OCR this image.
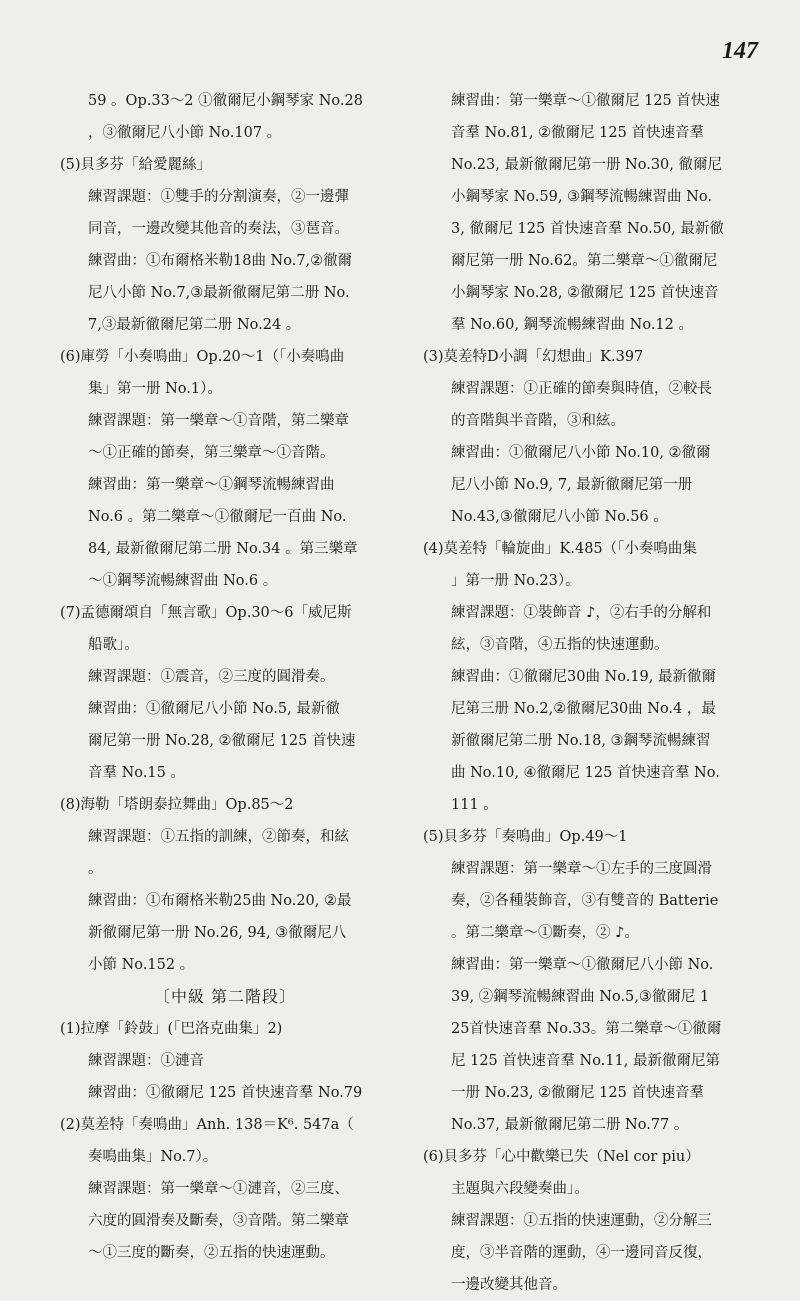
147
59 。Op.33～2 ①徹爾尼小鋼琴家 No.28
，③徹爾尼八小節 No.107 。
(5)貝多芬「給愛麗絲」
練習課題：①雙手的分割演奏，②一邊彈
同音，一邊改變其他音的奏法，③琶音。
練習曲：①布爾格米勒18曲 No.7,②徹爾
尼八小節 No.7,③最新徹爾尼第二册 No.
7,③最新徹爾尼第二册 No.24 。
(6)庫勞「小奏鳴曲」Op.20～1（「小奏鳴曲
集」第一册 No.1）。
練習課題：第一樂章～①音階，第二樂章
～①正確的節奏，第三樂章～①音階。
練習曲：第一樂章～①鋼琴流暢練習曲
No.6 。第二樂章～①徹爾尼一百曲 No.
84, 最新徹爾尼第二册 No.34 。第三樂章
～①鋼琴流暢練習曲 No.6 。
(7)孟德爾頌自「無言歌」Op.30～6「威尼斯
船歌」。
練習課題：①震音，②三度的圓滑奏。
練習曲：①徹爾尼八小節 No.5, 最新徹
爾尼第一册 No.28, ②徹爾尼 125 首快速
音羣 No.15 。
(8)海勒「塔朗泰拉舞曲」Op.85～2
練習課題：①五指的訓練，②節奏，和絃
。
練習曲：①布爾格米勒25曲 No.20, ②最
新徹爾尼第一册 No.26, 94, ③徹爾尼八
小節 No.152 。
〔中級 第二階段〕
(1)拉摩「鈴鼓」(「巴洛克曲集」2)
練習課題：①漣音
練習曲：①徹爾尼 125 首快速音羣 No.79
(2)莫差特「奏鳴曲」Anh. 138＝K⁶. 547a（
奏鳴曲集」No.7）。
練習課題：第一樂章～①漣音，②三度、
六度的圓滑奏及斷奏，③音階。第二樂章
～①三度的斷奏，②五指的快速運動。
練習曲：第一樂章～①徹爾尼 125 首快速
音羣 No.81, ②徹爾尼 125 首快速音羣
No.23, 最新徹爾尼第一册 No.30, 徹爾尼
小鋼琴家 No.59, ③鋼琴流暢練習曲 No.
3, 徹爾尼 125 首快速音羣 No.50, 最新徹
爾尼第一册 No.62。第二樂章～①徹爾尼
小鋼琴家 No.28, ②徹爾尼 125 首快速音
羣 No.60, 鋼琴流暢練習曲 No.12 。
(3)莫差特D小調「幻想曲」K.397
練習課題：①正確的節奏與時值，②較長
的音階與半音階，③和絃。
練習曲：①徹爾尼八小節 No.10, ②徹爾
尼八小節 No.9, 7, 最新徹爾尼第一册
No.43,③徹爾尼八小節 No.56 。
(4)莫差特「輪旋曲」K.485（「小奏鳴曲集
」第一册 No.23）。
練習課題：①裝飾音 ♪，②右手的分解和
絃，③音階，④五指的快速運動。
練習曲：①徹爾尼30曲 No.19, 最新徹爾
尼第三册 No.2,②徹爾尼30曲 No.4 ，最
新徹爾尼第二册 No.18, ③鋼琴流暢練習
曲 No.10, ④徹爾尼 125 首快速音羣 No.
111 。
(5)貝多芬「奏鳴曲」Op.49～1
練習課題：第一樂章～①左手的三度圓滑
奏，②各種裝飾音，③有雙音的 Batterie
。第二樂章～①斷奏，② ♪。
練習曲：第一樂章～①徹爾尼八小節 No.
39, ②鋼琴流暢練習曲 No.5,③徹爾尼 1
25首快速音羣 No.33。第二樂章～①徹爾
尼 125 首快速音羣 No.11, 最新徹爾尼第
一册 No.23, ②徹爾尼 125 首快速音羣
No.37, 最新徹爾尼第二册 No.77 。
(6)貝多芬「心中歡樂已失（Nel cor piu）
主題與六段變奏曲」。
練習課題：①五指的快速運動，②分解三
度，③半音階的運動，④一邊同音反復，
一邊改變其他音。
